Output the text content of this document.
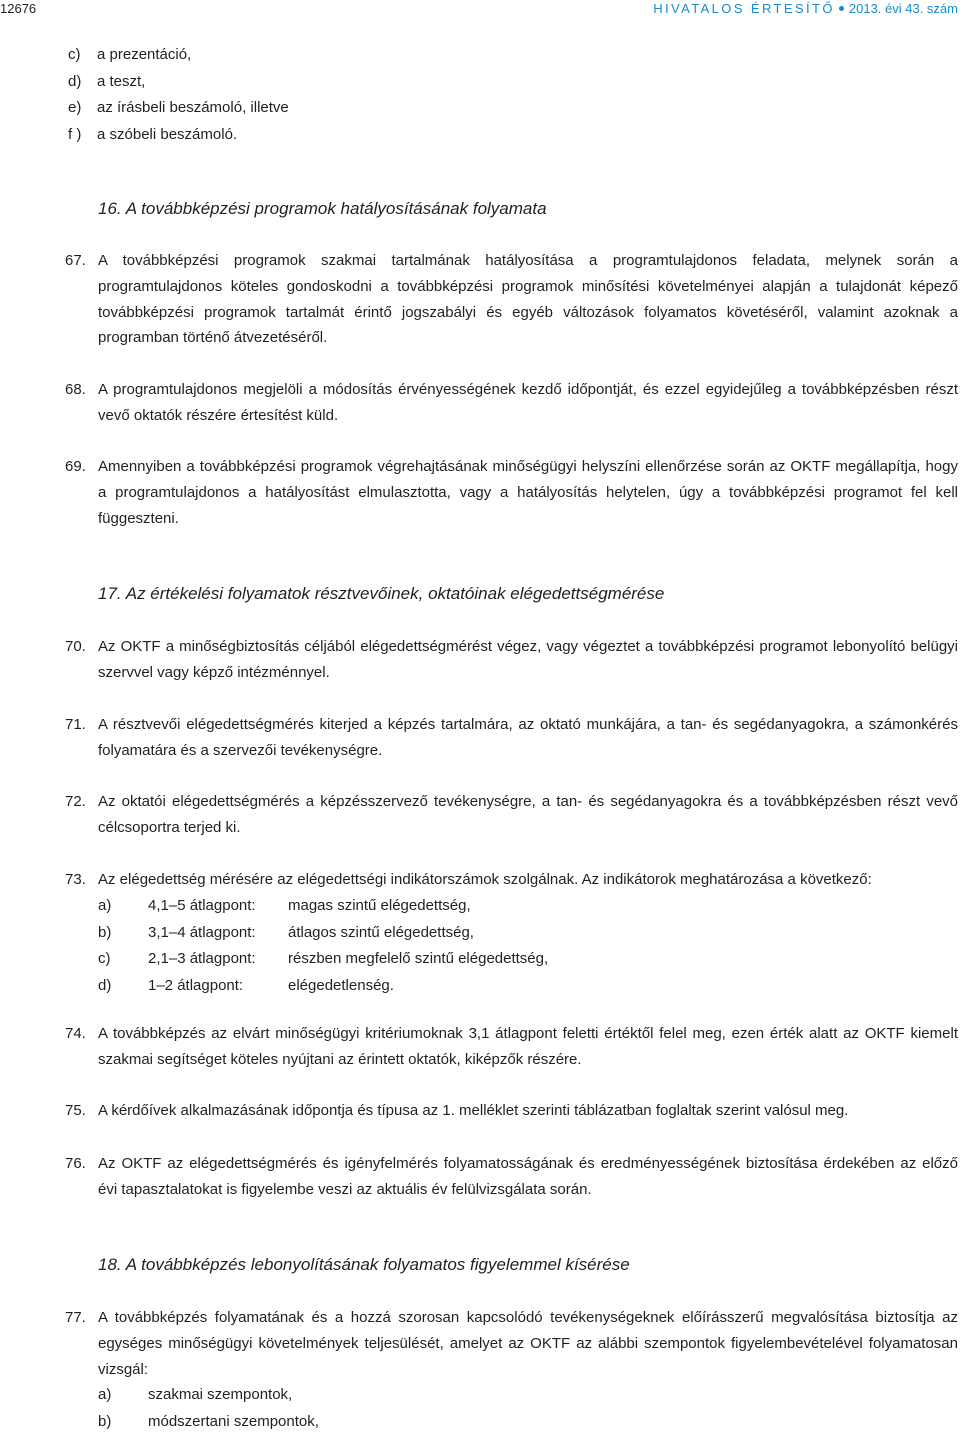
12676	HIVATALOS ÉRTESÍTŐ 2013. évi 43. szám
c) a prezentáció,
d) a teszt,
e) az írásbeli beszámoló, illetve
f ) a szóbeli beszámoló.
16. A továbbképzési programok hatályosításának folyamata
67. A továbbképzési programok szakmai tartalmának hatályosítása a programtulajdonos feladata, melynek során a programtulajdonos köteles gondoskodni a továbbképzési programok minősítési követelményei alapján a tulajdonát képező továbbképzési programok tartalmát érintő jogszabályi és egyéb változások folyamatos követéséről, valamint azoknak a programban történő átvezetéséről.
68. A programtulajdonos megjelöli a módosítás érvényességének kezdő időpontját, és ezzel egyidejűleg a továbbképzésben részt vevő oktatók részére értesítést küld.
69. Amennyiben a továbbképzési programok végrehajtásának minőségügyi helyszíni ellenőrzése során az OKTF megállapítja, hogy a programtulajdonos a hatályosítást elmulasztotta, vagy a hatályosítás helytelen, úgy a továbbképzési programot fel kell függeszteni.
17. Az értékelési folyamatok résztvevőinek, oktatóinak elégedettségmérése
70. Az OKTF a minőségbiztosítás céljából elégedettségmérést végez, vagy végeztet a továbbképzési programot lebonyolító belügyi szervvel vagy képző intézménnyel.
71. A résztvevői elégedettségmérés kiterjed a képzés tartalmára, az oktató munkájára, a tan- és segédanyagokra, a számonkérés folyamatára és a szervezői tevékenységre.
72. Az oktatói elégedettségmérés a képzésszervező tevékenységre, a tan- és segédanyagokra és a továbbképzésben részt vevő célcsoportra terjed ki.
73. Az elégedettség mérésére az elégedettségi indikátorszámok szolgálnak. Az indikátorok meghatározása a következő:
a) 4,1–5 átlagpont: magas szintű elégedettség,
b) 3,1–4 átlagpont: átlagos szintű elégedettség,
c)	2,1–3 átlagpont: részben megfelelő szintű elégedettség,
d) 1–2 átlagpont:	elégedetlenség.
74. A továbbképzés az elvárt minőségügyi kritériumoknak 3,1 átlagpont feletti értéktől felel meg, ezen érték alatt az OKTF kiemelt szakmai segítséget köteles nyújtani az érintett oktatók, kiképzők részére.
75. A kérdőívek alkalmazásának időpontja és típusa az 1. melléklet szerinti táblázatban foglaltak szerint valósul meg.
76. Az OKTF az elégedettségmérés és igényfelmérés folyamatosságának és eredményességének biztosítása érdekében az előző évi tapasztalatokat is figyelembe veszi az aktuális év felülvizsgálata során.
18. A továbbképzés lebonyolításának folyamatos figyelemmel kísérése
77. A továbbképzés folyamatának és a hozzá szorosan kapcsolódó tevékenységeknek előírásszerű megvalósítása biztosítja az egységes minőségügyi követelmények teljesülését, amelyet az OKTF az alábbi szempontok figyelembevételével folyamatosan vizsgál:
a) szakmai szempontok,
b) módszertani szempontok,
